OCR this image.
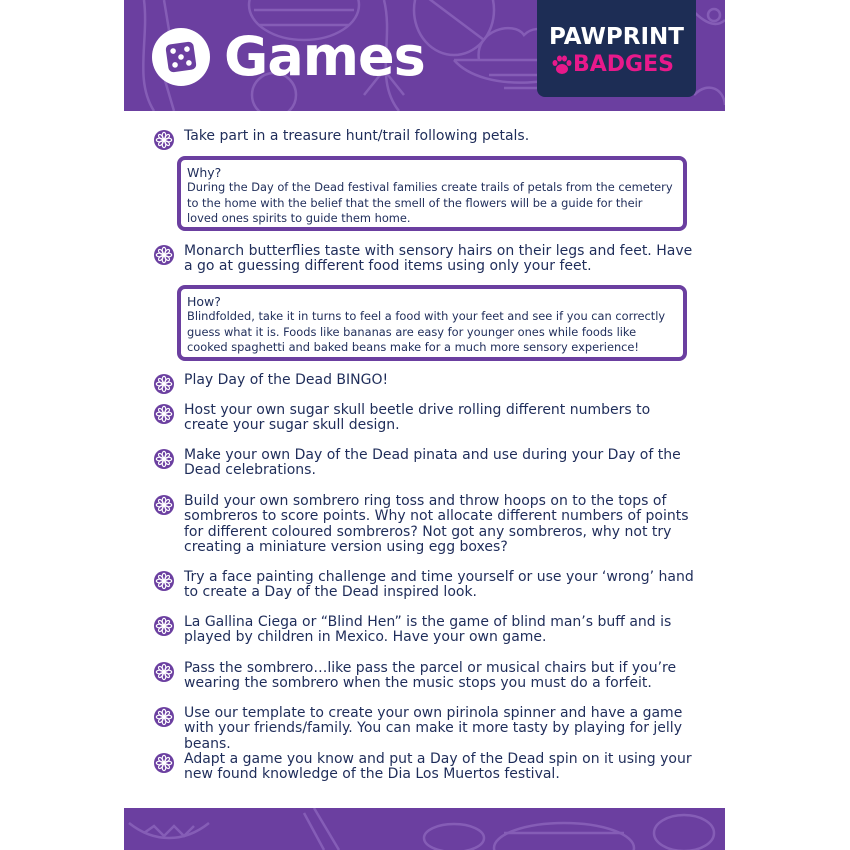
Games	PAWPRINT
BADGES
Take part in a treasure hunt/trail following petals.
Why?
During the Day of the Dead festival families create trails of petals from the cemetery to the home with the belief that the smell of the flowers will be a guide for their loved ones spirits to guide them home.
Monarch butterflies taste with sensory hairs on their legs and feet. Have a go at guessing different food items using only your feet.
How?
Blindfolded, take it in turns to feel a food with your feet and see if you can correctly guess what it is. Foods like bananas are easy for younger ones while foods like cooked spaghetti and baked beans make for a much more sensory experience!
Play Day of the Dead BINGO!
Host your own sugar skull beetle drive rolling different numbers to create your sugar skull design.
Make your own Day of the Dead pinata and use during your Day of the Dead celebrations.
Build your own sombrero ring toss and throw hoops on to the tops of sombreros to score points. Why not allocate different numbers of points for different coloured sombreros? Not got any sombreros, why not try creating a miniature version using egg boxes?
Try a face painting challenge and time yourself or use your ‘wrong’ hand to create a Day of the Dead inspired look.
La Gallina Ciega or “Blind Hen” is the game of blind man’s buff and is played by children in Mexico. Have your own game.
Pass the sombrero…like pass the parcel or musical chairs but if you’re wearing the sombrero when the music stops you must do a forfeit.
Use our template to create your own pirinola spinner and have a game with your friends/family. You can make it more tasty by playing for jelly beans.
Adapt a game you know and put a Day of the Dead spin on it using your new found knowledge of the Dia Los Muertos festival.
